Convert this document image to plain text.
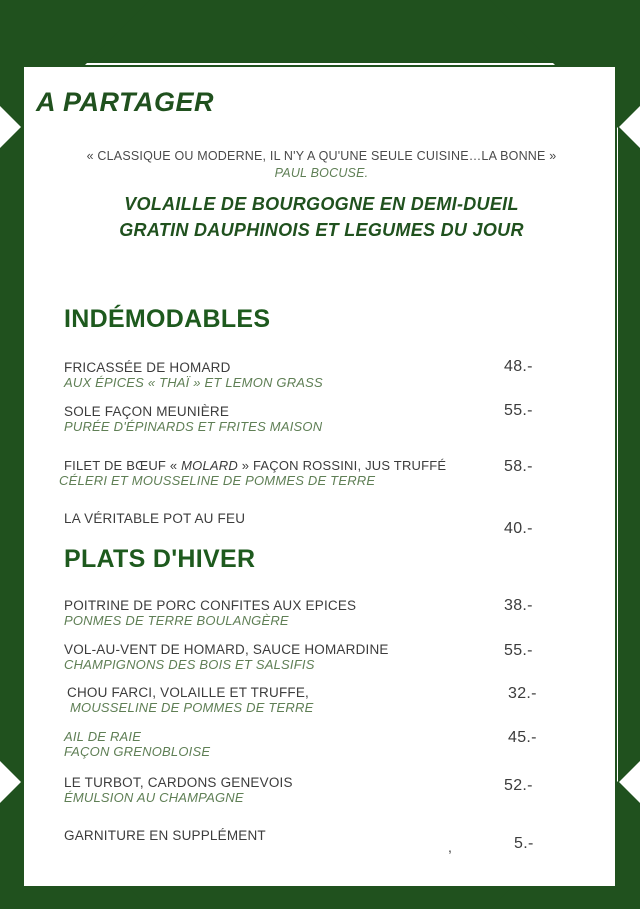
A PARTAGER
« CLASSIQUE OU MODERNE, IL N'Y A QU'UNE SEULE CUISINE…LA BONNE »
PAUL BOCUSE.
VOLAILLE DE BOURGOGNE EN DEMI-DUEIL
GRATIN DAUPHINOIS ET LEGUMES DU JOUR
INDÉMODABLES
FRICASSÉE DE HOMARD
AUX ÉPICES « THAÏ » ET LEMON GRASS
48.-
SOLE FAÇON MEUNIÈRE
PURÉE D'ÉPINARDS ET FRITES MAISON
55.-
FILET DE BŒUF « MOLARD » FAÇON ROSSINI, JUS TRUFFÉ
CÉLERI ET MOUSSELINE DE POMMES DE TERRE
58.-
LA VÉRITABLE POT AU FEU
40.-
PLATS D'HIVER
POITRINE DE PORC CONFITES AUX EPICES
PONMES DE TERRE BOULANGÈRE
38.-
VOL-AU-VENT DE HOMARD, SAUCE HOMARDINE
CHAMPIGNONS DES BOIS ET SALSIFIS
55.-
CHOU FARCI, VOLAILLE ET TRUFFE,
MOUSSELINE DE POMMES DE TERRE
32.-
AIL DE RAIE
FAÇON GRENOBLOISE
45.-
LE TURBOT, CARDONS GENEVOIS
ÉMULSION AU CHAMPAGNE
52.-
GARNITURE EN SUPPLÉMENT	5.-
,
